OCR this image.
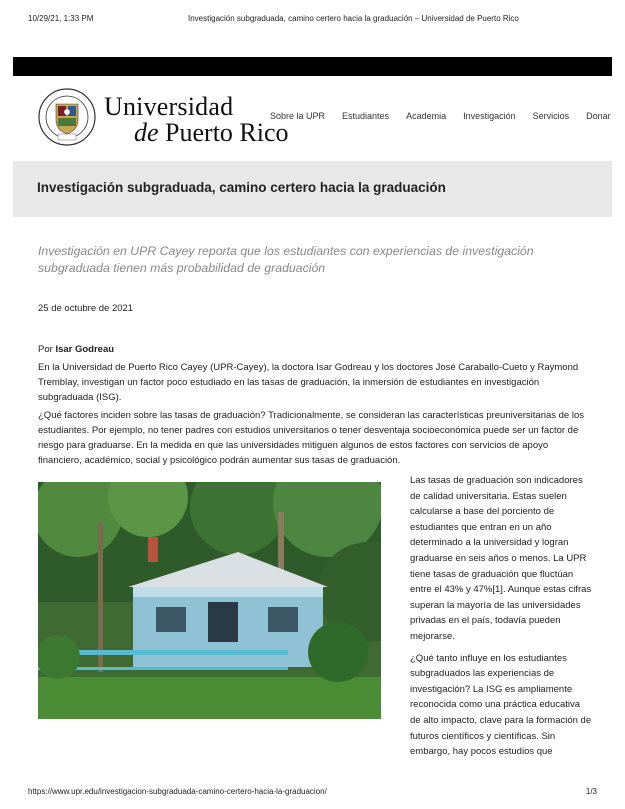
10/29/21, 1:33 PM	Investigación subgraduada, camino certero hacia la graduación – Universidad de Puerto Rico
Universidad
de Puerto Rico
Sobre la UPR Estudiantes Academia Investigación Servicios Donar
Investigación subgraduada, camino certero hacia la graduación
Investigación en UPR Cayey reporta que los estudiantes con experiencias de investigación subgraduada tienen más probabilidad de graduación
25 de octubre de 2021
Por Isar Godreau

En la Universidad de Puerto Rico Cayey (UPR-Cayey), la doctora Isar Godreau y los doctores José Caraballo-Cueto y Raymond Tremblay, investigan un factor poco estudiado en las tasas de graduación, la inmersión de estudiantes en investigación subgraduada (ISG).

¿Qué factores inciden sobre las tasas de graduación? Tradicionalmente, se consideran las características preuniversitarias de los estudiantes. Por ejemplo, no tener padres con estudios universitarios o tener desventaja socioeconómica puede ser un factor de riesgo para graduarse. En la medida en que las universidades mitiguen algunos de estos factores con servicios de apoyo financiero, académico, social y psicológico podrán aumentar sus tasas de graduación.

Las tasas de graduación son indicadores de calidad universitaria. Estas suelen calcularse a base del porciento de estudiantes que entran en un año determinado a la universidad y logran graduarse en seis años o menos. La UPR tiene tasas de graduación que fluctúan entre el 43% y 47%[1]. Aunque estas cifras superan la mayoría de las universidades privadas en el país, todavía pueden mejorarse.

¿Qué tanto influye en los estudiantes subgraduados las experiencias de investigación? La ISG es ampliamente reconocida como una práctica educativa de alto impacto, clave para la formación de futuros científicos y científicas. Sin embargo, hay pocos estudios que

https://www.upr.edu/investigacion-subgraduada-camino-certero-hacia-la-graduacion/	1/3
